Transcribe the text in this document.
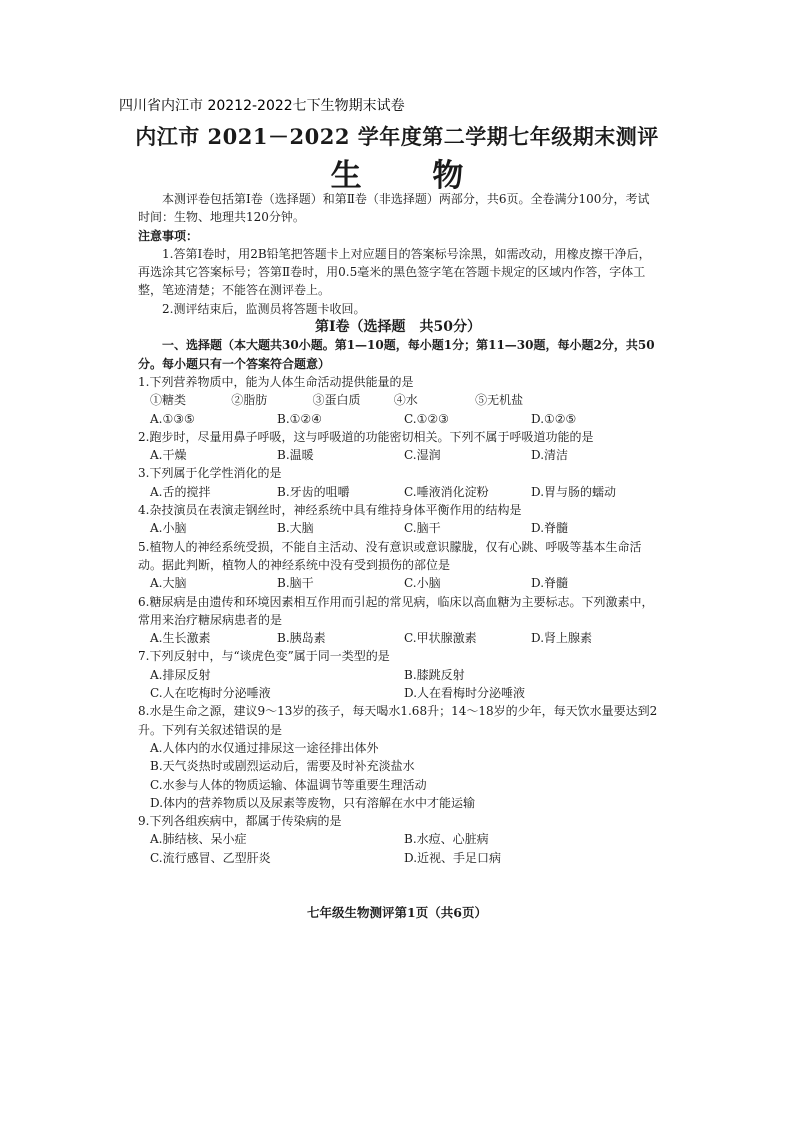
四川省内江市 20212-2022七下生物期末试卷
内江市 2021－2022 学年度第二学期七年级期末测评
生 物

本测评卷包括第Ⅰ卷（选择题）和第Ⅱ卷（非选择题）两部分，共6页。全卷满分100分，考试时间：生物、地理共120分钟。

注意事项：

1.答第Ⅰ卷时，用2B铅笔把答题卡上对应题目的答案标号涂黑，如需改动，用橡皮擦干净后，再选涂其它答案标号；答第Ⅱ卷时，用0.5毫米的黑色签字笔在答题卡规定的区域内作答，字体工整，笔迹清楚；不能答在测评卷上。

2.测评结束后，监测员将答题卡收回。

第Ⅰ卷（选择题　共50分）

一、选择题（本大题共30小题。第1—10题，每小题1分；第11—30题，每小题2分，共50分。每小题只有一个答案符合题意）

1.下列营养物质中，能为人体生命活动提供能量的是

①糖类	②脂肪	③蛋白质	④水	⑤无机盐
A.①③⑤	B.①②④	C.①②③	D.①②⑤

2.跑步时，尽量用鼻子呼吸，这与呼吸道的功能密切相关。下列不属于呼吸道功能的是

A.干燥	B.温暖	C.湿润	D.清洁

3.下列属于化学性消化的是

A.舌的搅拌	B.牙齿的咀嚼	C.唾液消化淀粉	D.胃与肠的蠕动

4.杂技演员在表演走钢丝时，神经系统中具有维持身体平衡作用的结构是

A.小脑	B.大脑	C.脑干	D.脊髓

5.植物人的神经系统受损，不能自主活动、没有意识或意识朦胧，仅有心跳、呼吸等基本生命活动。据此判断，植物人的神经系统中没有受到损伤的部位是

A.大脑	B.脑干	C.小脑	D.脊髓

6.糖尿病是由遗传和环境因素相互作用而引起的常见病，临床以高血糖为主要标志。下列激素中，常用来治疗糖尿病患者的是

A.生长激素	B.胰岛素	C.甲状腺激素	D.肾上腺素

7.下列反射中，与“谈虎色变”属于同一类型的是

A.排尿反射	B.膝跳反射
C.人在吃梅时分泌唾液	D.人在看梅时分泌唾液

8.水是生命之源，建议9～13岁的孩子，每天喝水1.68升；14～18岁的少年，每天饮水量要达到2升。下列有关叙述错误的是

A.人体内的水仅通过排尿这一途径排出体外
B.天气炎热时或剧烈运动后，需要及时补充淡盐水
C.水参与人体的物质运输、体温调节等重要生理活动
D.体内的营养物质以及尿素等废物，只有溶解在水中才能运输

9.下列各组疾病中，都属于传染病的是

A.肺结核、呆小症	B.水痘、心脏病
C.流行感冒、乙型肝炎	D.近视、手足口病
七年级生物测评第1页（共6页）
